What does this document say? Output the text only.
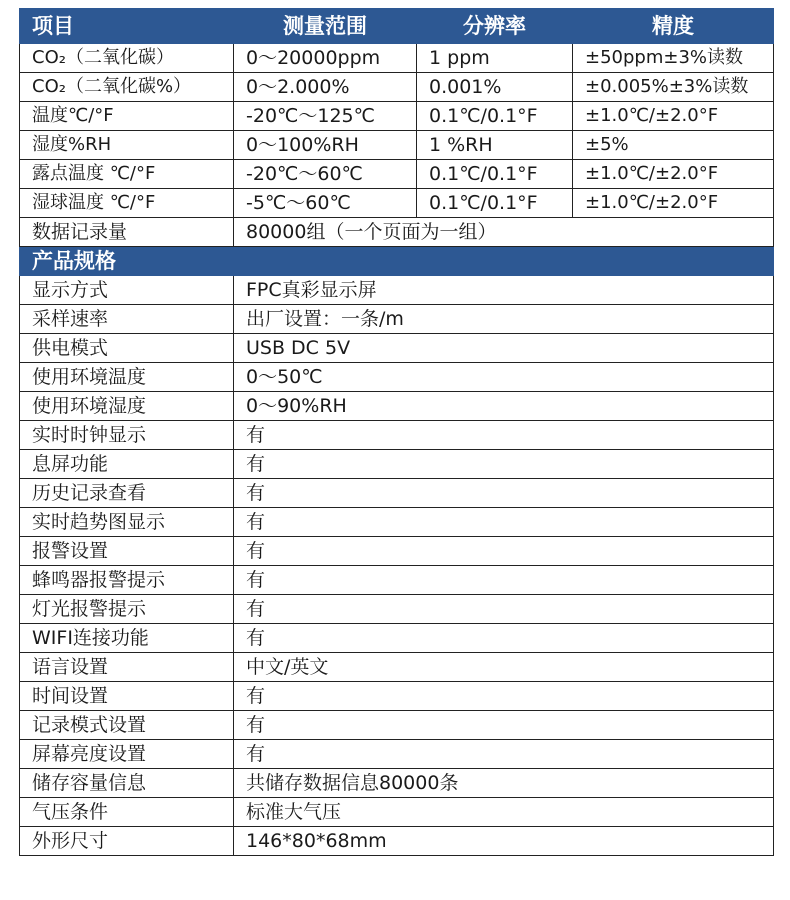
项目	测量范围	分辨率	精度
CO₂（二氧化碳）	0～20000ppm	1 ppm	±50ppm±3%读数
CO₂（二氧化碳%）	0～2.000%	0.001%	±0.005%±3%读数
温度℃/°F	-20℃～125℃	0.1℃/0.1°F	±1.0℃/±2.0°F
湿度%RH	0～100%RH	1 %RH	±5%
露点温度 ℃/°F	-20℃～60℃	0.1℃/0.1°F	±1.0℃/±2.0°F
湿球温度 ℃/°F	-5℃～60℃	0.1℃/0.1°F	±1.0℃/±2.0°F
数据记录量	80000组（一个页面为一组）		
产品规格			
显示方式	FPC真彩显示屏		
采样速率	出厂设置：一条/m		
供电模式	USB DC 5V		
使用环境温度	0～50℃		
使用环境湿度	0～90%RH		
实时时钟显示	有		
息屏功能	有		
历史记录查看	有		
实时趋势图显示	有		
报警设置	有		
蜂鸣器报警提示	有		
灯光报警提示	有		
WIFI连接功能	有		
语言设置	中文/英文		
时间设置	有		
记录模式设置	有		
屏幕亮度设置	有		
储存容量信息	共储存数据信息80000条		
气压条件	标准大气压		
外形尺寸	146*80*68mm		
